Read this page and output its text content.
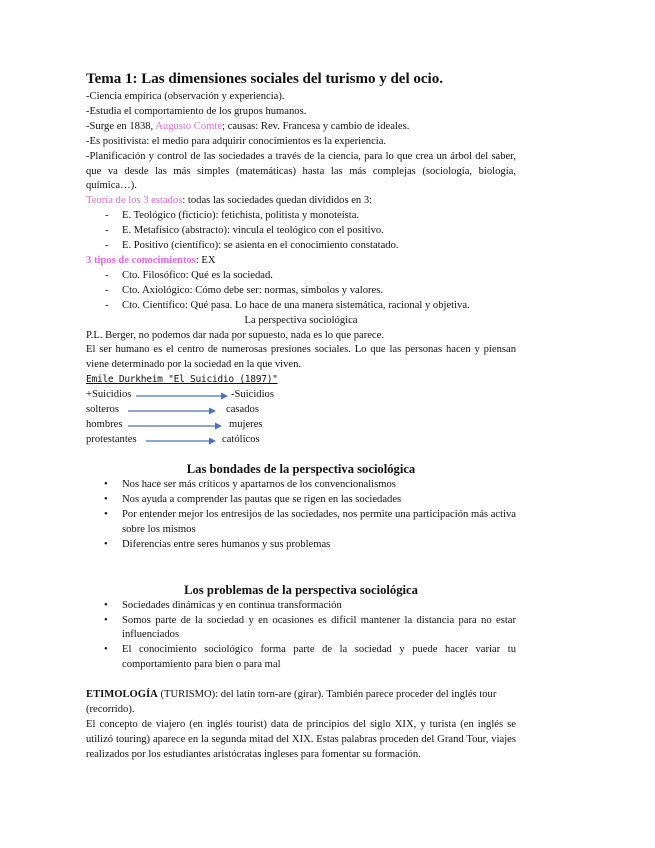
Tema 1: Las dimensiones sociales del turismo y del ocio.

-Ciencia empírica (observación y experiencia).

-Estudia el comportamiento de los grupos humanos.

-Surge en 1838, Augusto Comte; causas: Rev. Francesa y cambio de ideales.

-Es positivista: el medio para adquirir conocimientos es la experiencia.

-Planificación y control de las sociedades a través de la ciencia, para lo que crea un árbol del saber, que va desde las más simples (matemáticas) hasta las más complejas (sociología, biología, química…).

Teoría de los 3 estados: todas las sociedades quedan divididos en 3:

- E. Teológico (ficticio): fetichista, politista y monoteísta.
- E. Metafísico (abstracto): vincula el teológico con el positivo.
- E. Positivo (científico): se asienta en el conocimiento constatado.

3 tipos de conocimientos: EX

- Cto. Filosófico: Qué es la sociedad.
- Cto. Axiológico: Cómo debe ser: normas, símbolos y valores.
- Cto. Científico: Qué pasa. Lo hace de una manera sistemática, racional y objetiva.

La perspectiva sociológica

P.L. Berger, no podemos dar nada por supuesto, nada es lo que parece.

El ser humano es el centro de numerosas presiones sociales. Lo que las personas hacen y piensan viene determinado por la sociedad en la que viven.

Emile Durkheim "El Suicidio (1897)"

+Suicidios	-Suicidios
solteros	casados
hombres	mujeres
protestantes	católicos
Las bondades de la perspectiva sociológica
• Nos hace ser más críticos y apartarnos de los convencionalismos
• Nos ayuda a comprender las pautas que se rigen en las sociedades
• Por entender mejor los entresijos de las sociedades, nos permite una participación más activa sobre los mismos
• Diferencias entre seres humanos y sus problemas
Los problemas de la perspectiva sociológica
• Sociedades dinámicas y en continua transformación
• Somos parte de la sociedad y en ocasiones es difícil mantener la distancia para no estar influenciados
• El conocimiento sociológico forma parte de la sociedad y puede hacer variar tu comportamiento para bien o para mal

ETIMOLOGÍA (TURISMO): del latín torn-are (girar). También parece proceder del inglés tour (recorrido).

El concepto de viajero (en inglés tourist) data de principios del siglo XIX, y turista (en inglés se utilizó touring) aparece en la segunda mitad del XIX. Estas palabras proceden del Grand Tour, viajes realizados por los estudiantes aristócratas ingleses para fomentar su formación.
